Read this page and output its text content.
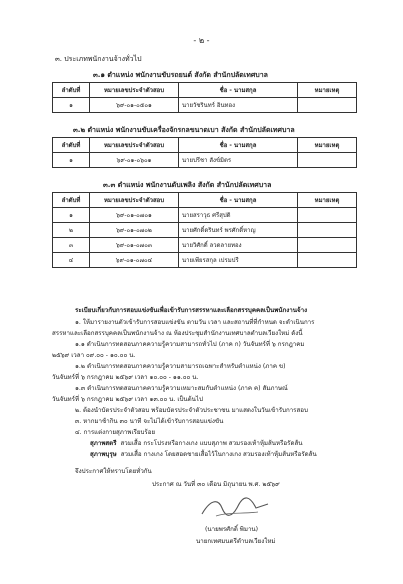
- ๒ -
๓. ประเภทพนักงานจ้างทั่วไป
๓.๑ ตำแหน่ง พนักงานขับรถยนต์ สังกัด สำนักปลัดเทศบาล
ลำดับที่	หมายเลขประจำตัวสอบ	ชื่อ - นามสกุล	หมายเหตุ
๑	๖๙-๐๑-๐๕๐๑	นายวัชรินทร์ อินทอง	
๓.๒ ตำแหน่ง พนักงานขับเครื่องจักรกลขนาดเบา สังกัด สำนักปลัดเทศบาล
ลำดับที่	หมายเลขประจำตัวสอบ	ชื่อ - นามสกุล	หมายเหตุ
๑	๖๙-๐๑-๐๖๐๑	นายปรีชา สังข์มิตร	
๓.๓ ตำแหน่ง พนักงานดับเพลิง สังกัด สำนักปลัดเทศบาล
ลำดับที่	หมายเลขประจำตัวสอบ	ชื่อ - นามสกุล	หมายเหตุ
๑	๖๙-๐๑-๐๗๐๑	นายสราวุธ ศรีสุปดิ	
๒	๖๙-๐๑-๐๗๐๒	นายศักดิ์ดรินทร์ พรศักดิ์หาญ	
๓	๖๙-๐๑-๐๗๐๓	นายวิศักดิ์ ลวดลายทอง	
๔	๖๙-๐๑-๐๗๐๔	นายเพียรสกุล เปรมปรี	
ระเบียบเกี่ยวกับการสอบแข่งขันเพื่อเข้ารับการสรรหาและเลือกสรรบุคคลเป็นพนักงานจ้าง
๑. ให้มารายงานตัวเข้ารับการสอบแข่งขัน ตามวัน เวลา และสถานที่ที่กำหนด จะดำเนินการ
สรรหาและเลือกสรรบุคคลเป็นพนักงานจ้าง ณ ห้องประชุมสำนักงานเทศบาลตำบลเวียงใหม่ ดังนี้
๑.๑ ดำเนินการทดสอบภาคความรู้ความสามารถทั่วไป (ภาค ก) วันจันทร์ที่ ๖ กรกฎาคม
๒๕๖๙ เวลา ๐๙.๐๐ - ๑๐.๐๐ น.
๑.๒ ดำเนินการทดสอบภาคความรู้ความสามารถเฉพาะสำหรับตำแหน่ง (ภาค ข)
วันจันทร์ที่ ๖ กรกฎาคม ๒๕๖๙ เวลา ๑๐.๐๐ - ๑๑.๐๐ น.
๑.๓ ดำเนินการทดสอบภาคความรู้ความเหมาะสมกับตำแหน่ง (ภาค ค) สัมภาษณ์
วันจันทร์ที่ ๖ กรกฎาคม ๒๕๖๙ เวลา ๑๓.๐๐ น. เป็นต้นไป
๒. ต้องนำบัตรประจำตัวสอบ พร้อมบัตรประจำตัวประชาชน มาแสดงในวันเข้ารับการสอบ
๓. หากมาช้ากิน ๓๐ นาที จะไม่ได้เข้ารับการสอบแข่งขัน
๔. การแต่งกายสุภาพเรียบร้อย
สุภาพสตรี สวมเสื้อ กระโปรงหรือกางเกง แบบสุภาพ สวมรองเท้าหุ้มส้นหรือรัดส้น
สุภาพบุรุษ สวมเสื้อ กางเกง โดยสอดชายเสื้อไว้ในกางเกง สวมรองเท้าหุ้มส้นหรือรัดส้น
จึงประกาศให้ทราบโดยทั่วกัน
ประกาศ ณ วันที่ ๓๐ เดือน มิถุนายน พ.ศ. ๒๕๖๙
(นายพรศักดิ์ พิมาน)
นายกเทศมนตรีตำบลเวียงใหม่
